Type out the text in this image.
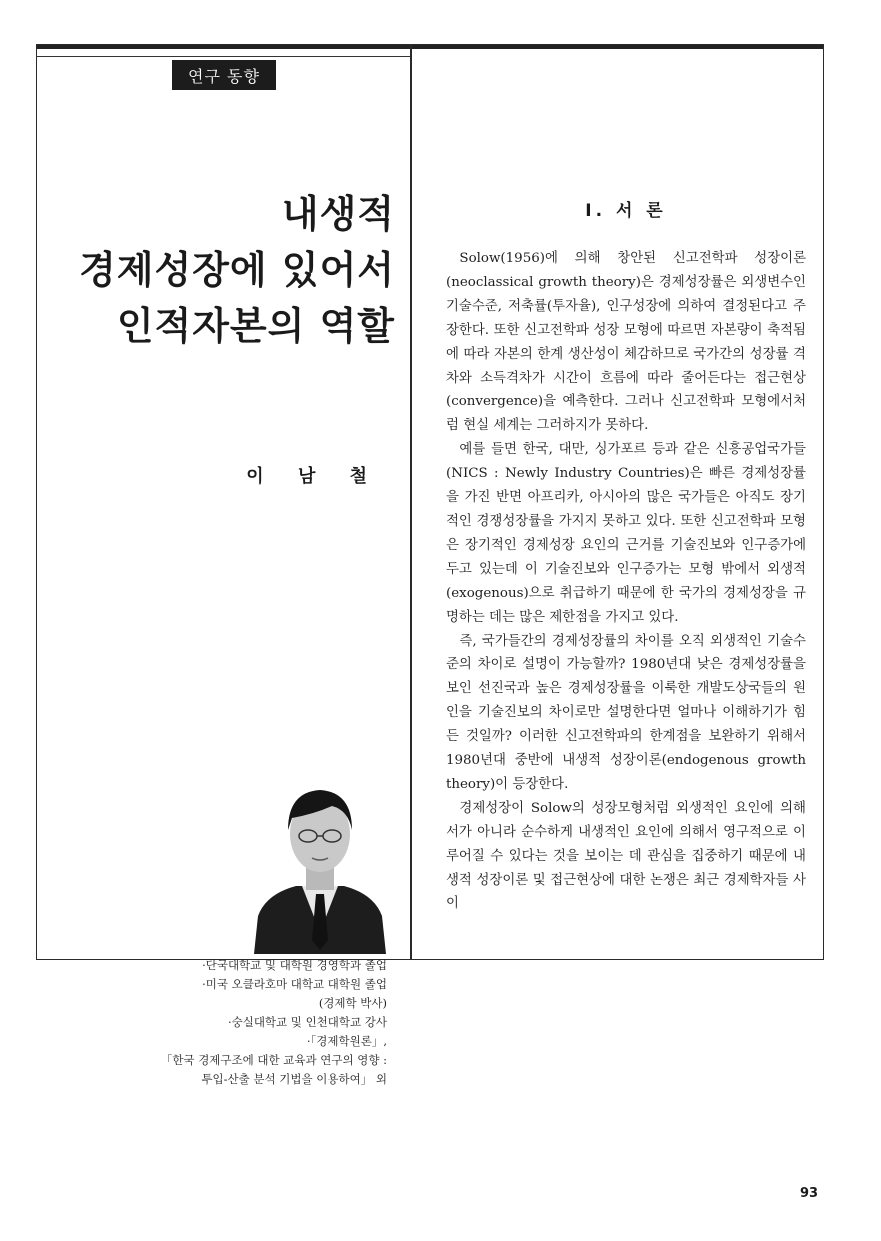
연구 동향
내생적
경제성장에 있어서
인적자본의 역할
이 남 철
·단국대학교 및 대학원 경영학과 졸업
·미국 오클라호마 대학교 대학원 졸업
(경제학 박사)
·숭실대학교 및 인천대학교 강사
·「경제학원론」,
「한국 경제구조에 대한 교육과 연구의 영향 :
투입-산출 분석 기법을 이용하여」 외
Ⅰ. 서 론

Solow(1956)에 의해 창안된 신고전학파 성장이론(neoclassical growth theory)은 경제성장률은 외생변수인 기술수준, 저축률(투자율), 인구성장에 의하여 결정된다고 주장한다. 또한 신고전학파 성장 모형에 따르면 자본량이 축적됨에 따라 자본의 한계 생산성이 체감하므로 국가간의 성장률 격차와 소득격차가 시간이 흐름에 따라 줄어든다는 접근현상(convergence)을 예측한다. 그러나 신고전학파 모형에서처럼 현실 세계는 그러하지가 못하다.

예를 들면 한국, 대만, 싱가포르 등과 같은 신흥공업국가들(NICS : Newly Industry Countries)은 빠른 경제성장률을 가진 반면 아프리카, 아시아의 많은 국가들은 아직도 장기적인 경쟁성장률을 가지지 못하고 있다. 또한 신고전학파 모형은 장기적인 경제성장 요인의 근거를 기술진보와 인구증가에 두고 있는데 이 기술진보와 인구증가는 모형 밖에서 외생적(exogenous)으로 취급하기 때문에 한 국가의 경제성장을 규명하는 데는 많은 제한점을 가지고 있다.

즉, 국가들간의 경제성장률의 차이를 오직 외생적인 기술수준의 차이로 설명이 가능할까? 1980년대 낮은 경제성장률을 보인 선진국과 높은 경제성장률을 이룩한 개발도상국들의 원인을 기술진보의 차이로만 설명한다면 얼마나 이해하기가 힘든 것일까? 이러한 신고전학파의 한계점을 보완하기 위해서 1980년대 중반에 내생적 성장이론(endogenous growth theory)이 등장한다.

경제성장이 Solow의 성장모형처럼 외생적인 요인에 의해서가 아니라 순수하게 내생적인 요인에 의해서 영구적으로 이루어질 수 있다는 것을 보이는 데 관심을 집중하기 때문에 내생적 성장이론 및 접근현상에 대한 논쟁은 최근 경제학자들 사이

93
